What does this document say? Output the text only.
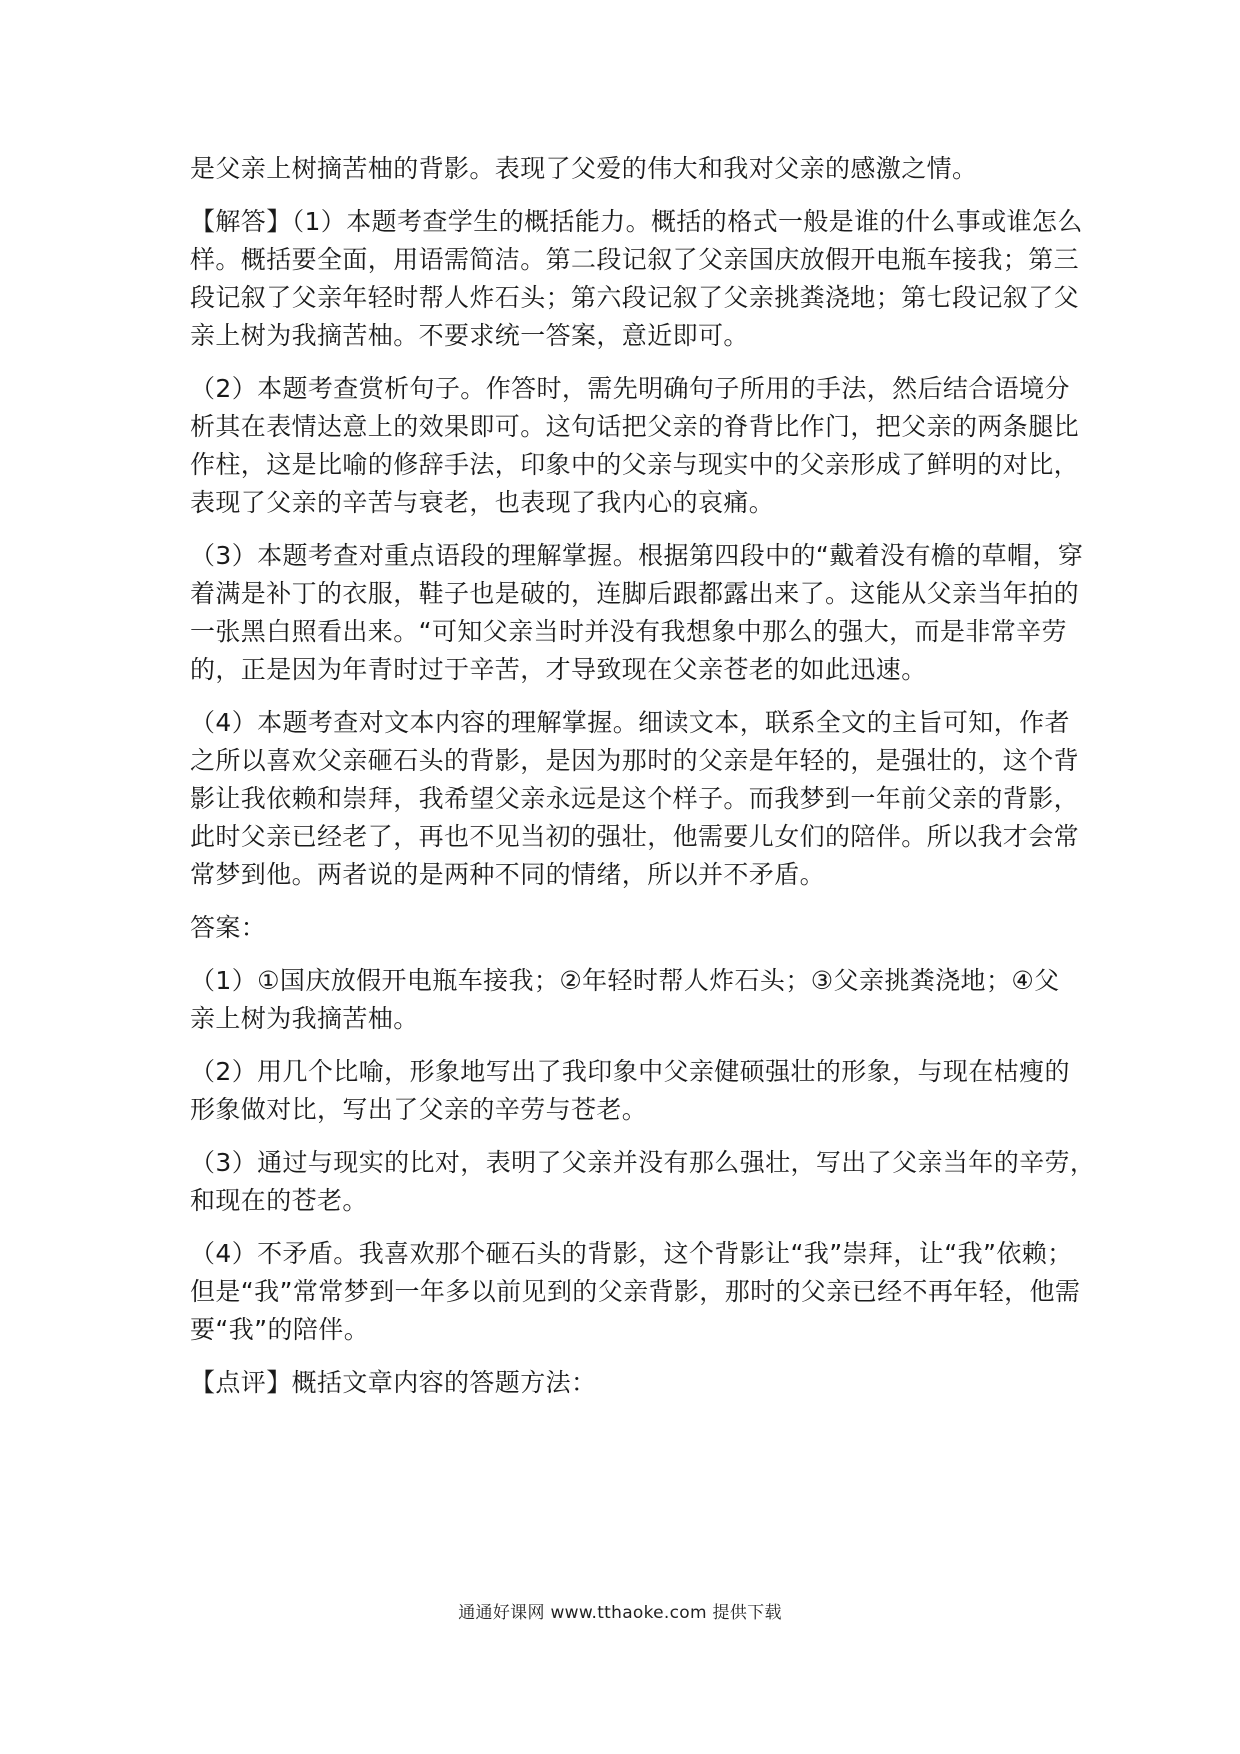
是父亲上树摘苦柚的背影。表现了父爱的伟大和我对父亲的感激之情。

【解答】（1）本题考查学生的概括能力。概括的格式一般是谁的什么事或谁怎么

样。概括要全面，用语需简洁。第二段记叙了父亲国庆放假开电瓶车接我；第三

段记叙了父亲年轻时帮人炸石头；第六段记叙了父亲挑粪浇地；第七段记叙了父

亲上树为我摘苦柚。不要求统一答案，意近即可。

（2）本题考查赏析句子。作答时，需先明确句子所用的手法，然后结合语境分

析其在表情达意上的效果即可。这句话把父亲的脊背比作门，把父亲的两条腿比

作柱，这是比喻的修辞手法，印象中的父亲与现实中的父亲形成了鲜明的对比，

表现了父亲的辛苦与衰老，也表现了我内心的哀痛。

（3）本题考查对重点语段的理解掌握。根据第四段中的“戴着没有檐的草帽，穿

着满是补丁的衣服，鞋子也是破的，连脚后跟都露出来了。这能从父亲当年拍的

一张黑白照看出来。“可知父亲当时并没有我想象中那么的强大，而是非常辛劳

的，正是因为年青时过于辛苦，才导致现在父亲苍老的如此迅速。

（4）本题考查对文本内容的理解掌握。细读文本，联系全文的主旨可知，作者

之所以喜欢父亲砸石头的背影，是因为那时的父亲是年轻的，是强壮的，这个背

影让我依赖和崇拜，我希望父亲永远是这个样子。而我梦到一年前父亲的背影，

此时父亲已经老了，再也不见当初的强壮，他需要儿女们的陪伴。所以我才会常

常梦到他。两者说的是两种不同的情绪，所以并不矛盾。

答案：

（1）①国庆放假开电瓶车接我；②年轻时帮人炸石头；③父亲挑粪浇地；④父

亲上树为我摘苦柚。

（2）用几个比喻，形象地写出了我印象中父亲健硕强壮的形象，与现在枯瘦的

形象做对比，写出了父亲的辛劳与苍老。

（3）通过与现实的比对，表明了父亲并没有那么强壮，写出了父亲当年的辛劳，

和现在的苍老。

（4）不矛盾。我喜欢那个砸石头的背影，这个背影让“我”崇拜，让“我”依赖；

但是“我”常常梦到一年多以前见到的父亲背影，那时的父亲已经不再年轻，他需

要“我”的陪伴。

【点评】概括文章内容的答题方法：

通通好课网 www.tthaoke.com 提供下载
